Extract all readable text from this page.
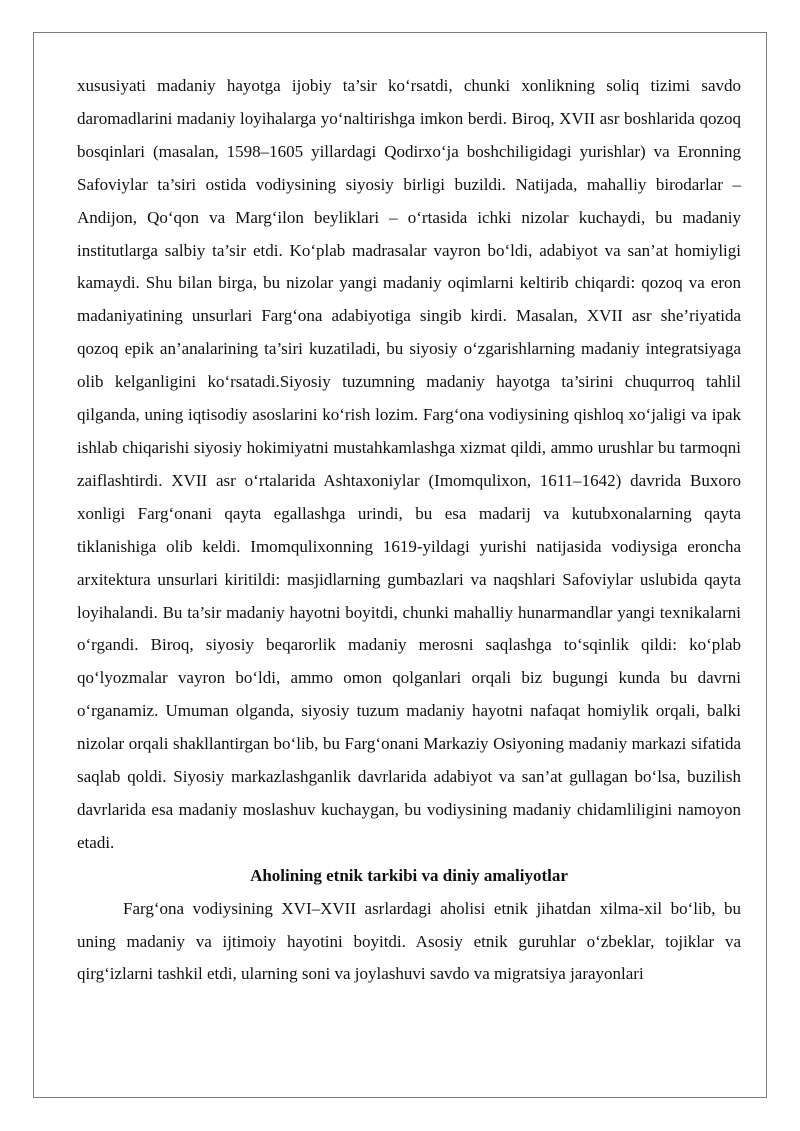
xususiyati madaniy hayotga ijobiy ta’sir ko‘rsatdi, chunki xonlikning soliq tizimi savdo daromadlarini madaniy loyihalarga yo‘naltirishga imkon berdi. Biroq, XVII asr boshlarida qozoq bosqinlari (masalan, 1598–1605 yillardagi Qodirxo‘ja boshchiligidagi yurishlar) va Eronning Safoviylar ta’siri ostida vodiysining siyosiy birligi buzildi. Natijada, mahalliy birodarlar – Andijon, Qo‘qon va Marg‘ilon beyliklari – o‘rtasida ichki nizolar kuchaydi, bu madaniy institutlarga salbiy ta’sir etdi. Ko‘plab madrasalar vayron bo‘ldi, adabiyot va san’at homiyligi kamaydi. Shu bilan birga, bu nizolar yangi madaniy oqimlarni keltirib chiqardi: qozoq va eron madaniyatining unsurlari Farg‘ona adabiyotiga singib kirdi. Masalan, XVII asr she’riyatida qozoq epik an’analarining ta’siri kuzatiladi, bu siyosiy o‘zgarishlarning madaniy integratsiyaga olib kelganligini ko‘rsatadi.Siyosiy tuzumning madaniy hayotga ta’sirini chuqurroq tahlil qilganda, uning iqtisodiy asoslarini ko‘rish lozim. Farg‘ona vodiysining qishloq xo‘jaligi va ipak ishlab chiqarishi siyosiy hokimiyatni mustahkamlashga xizmat qildi, ammo urushlar bu tarmoqni zaiflashtirdi. XVII asr o‘rtalarida Ashtaxoniylar (Imomqulixon, 1611–1642) davrida Buxoro xonligi Farg‘onani qayta egallashga urindi, bu esa madarij va kutubxonalarning qayta tiklanishiga olib keldi. Imomqulixonning 1619-yildagi yurishi natijasida vodiysiga eroncha arxitektura unsurlari kiritildi: masjidlarning gumbazlari va naqshlari Safoviylar uslubida qayta loyihalandi. Bu ta’sir madaniy hayotni boyitdi, chunki mahalliy hunarmandlar yangi texnikalarni o‘rgandi. Biroq, siyosiy beqarorlik madaniy merosni saqlashga to‘sqinlik qildi: ko‘plab qo‘lyozmalar vayron bo‘ldi, ammo omon qolganlari orqali biz bugungi kunda bu davrni o‘rganamiz. Umuman olganda, siyosiy tuzum madaniy hayotni nafaqat homiylik orqali, balki nizolar orqali shakllantirgan bo‘lib, bu Farg‘onani Markaziy Osiyoning madaniy markazi sifatida saqlab qoldi. Siyosiy markazlashganlik davrlarida adabiyot va san’at gullagan bo‘lsa, buzilish davrlarida esa madaniy moslashuv kuchaygan, bu vodiysining madaniy chidamliligini namoyon etadi.

Aholining etnik tarkibi va diniy amaliyotlar

Farg‘ona vodiysining XVI–XVII asrlardagi aholisi etnik jihatdan xilma-xil bo‘lib, bu uning madaniy va ijtimoiy hayotini boyitdi. Asosiy etnik guruhlar o‘zbeklar, tojiklar va qirg‘izlarni tashkil etdi, ularning soni va joylashuvi savdo va migratsiya jarayonlari
